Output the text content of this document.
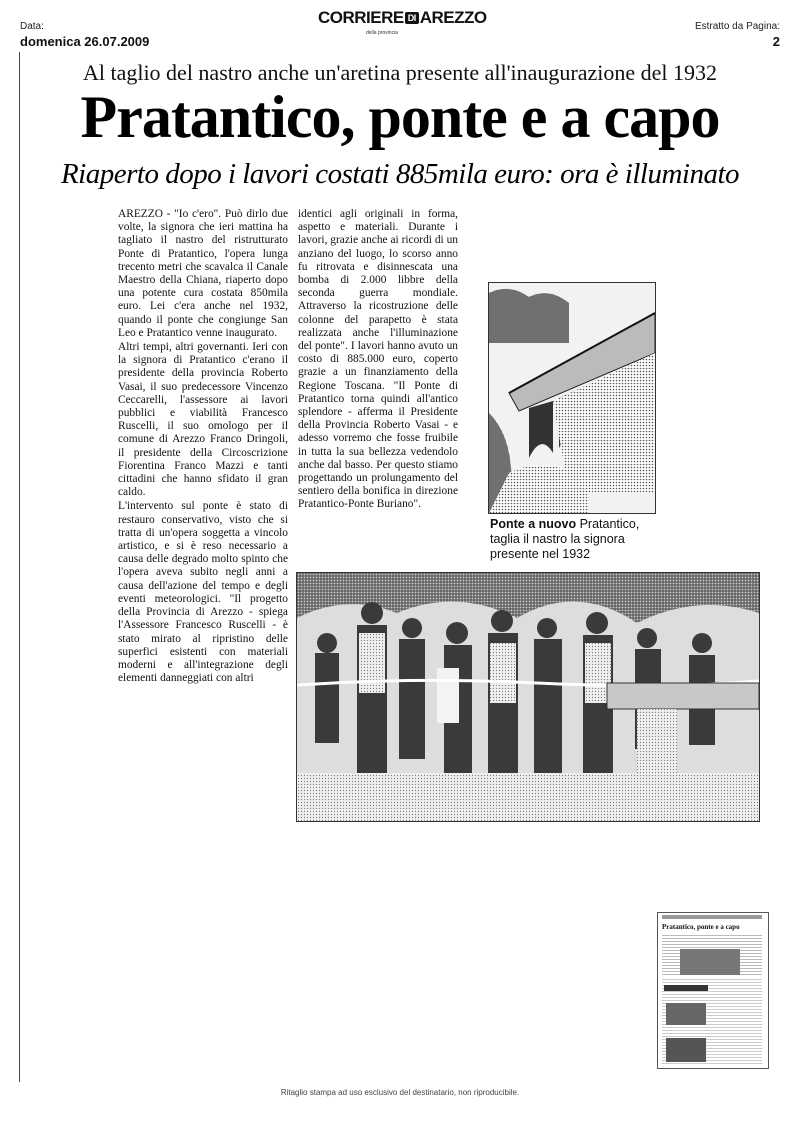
Data:
domenica 26.07.2009
CORRIERE DI AREZZO
della provincia
Estratto da Pagina:
2
Al taglio del nastro anche un'aretina presente all'inaugurazione del 1932
Pratantico, ponte e a capo
Riaperto dopo i lavori costati 885mila euro: ora è illuminato

AREZZO - "Io c'ero". Può dirlo due volte, la signora che ieri mattina ha tagliato il nastro del ristrutturato Ponte di Pratantico, l'opera lunga trecento metri che scavalca il Canale Maestro della Chiana, riaperto dopo una potente cura costata 850mila euro. Lei c'era anche nel 1932, quando il ponte che congiunge San Leo e Pratantico venne inaugurato.

Altri tempi, altri governanti. Ieri con la signora di Pratantico c'erano il presidente della provincia Roberto Vasai, il suo predecessore Vincenzo Ceccarelli, l'assessore ai lavori pubblici e viabilità Francesco Ruscelli, il suo omologo per il comune di Arezzo Franco Dringoli, il presidente della Circoscrizione Fiorentina Franco Mazzi e tanti cittadini che hanno sfidato il gran caldo.

L'intervento sul ponte è stato di restauro conservativo, visto che si tratta di un'opera soggetta a vincolo artistico, e si è reso necessario a causa delle degrado molto spinto che l'opera aveva subito negli anni a causa dell'azione del tempo e degli eventi meteorologici. "Il progetto della Provincia di Arezzo - spiega l'Assessore Francesco Ruscelli - è stato mirato al ripristino delle superfici esistenti con materiali moderni e all'integrazione degli elementi danneggiati con altri

identici agli originali in forma, aspetto e materiali. Durante i lavori, grazie anche ai ricordi di un anziano del luogo, lo scorso anno fu ritrovata e disinnescata una bomba di 2.000 libbre della seconda guerra mondiale. Attraverso la ricostruzione delle colonne del parapetto è stata realizzata anche l'illuminazione del ponte". I lavori hanno avuto un costo di 885.000 euro, coperto grazie a un finanziamento della Regione Toscana. "Il Ponte di Pratantico torna quindi all'antico splendore - afferma il Presidente della Provincia Roberto Vasai - e adesso vorremo che fosse fruibile in tutta la sua bellezza vedendolo anche dal basso. Per questo stiamo progettando un prolungamento del sentiero della bonifica in direzione Pratantico-Ponte Buriano".

Ponte a nuovo Pratantico, taglia il nastro la signora presente nel 1932
Pratantico, ponte e a capo
Ritaglio stampa ad uso esclusivo del destinatario, non riproducibile.
